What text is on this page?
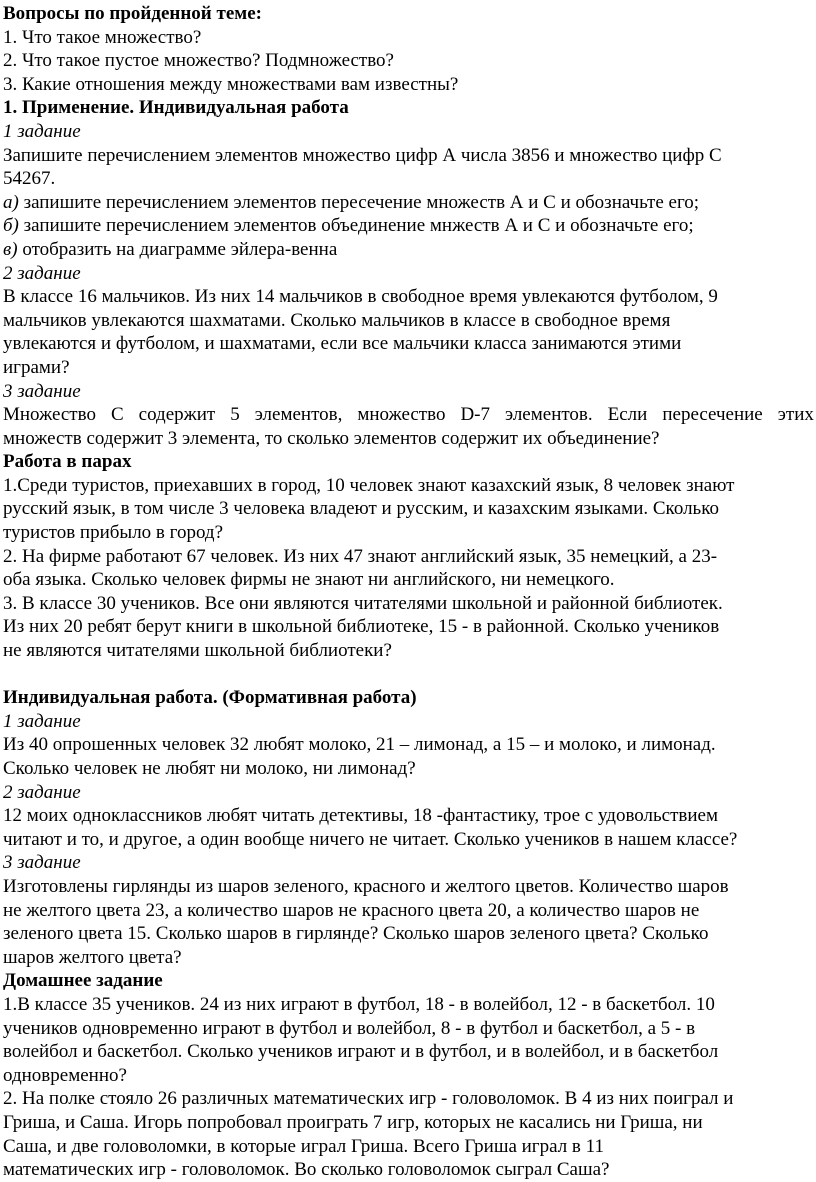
Вопросы по пройденной теме:
1. Что такое множество?
2. Что такое пустое множество? Подмножество?
3. Какие отношения между множествами вам известны?
1. Применение. Индивидуальная работа
1 задание
Запишите перечислением элементов множество цифр А числа 3856 и множество цифр С
54267.
а) запишите перечислением элементов пересечение множеств А и С и обозначьте его;
б) запишите перечислением элементов объединение мнжеств А и С и обозначьте его;
в) отобразить на диаграмме эйлера-венна
2 задание
В классе 16 мальчиков. Из них 14 мальчиков в свободное время увлекаются футболом, 9
мальчиков увлекаются шахматами. Сколько мальчиков в классе в свободное время
увлекаются и футболом, и шахматами, если все мальчики класса занимаются этими
играми?
3 задание
Множество С содержит 5 элементов, множество D-7 элементов. Если пересечение этих
множеств содержит 3 элемента, то сколько элементов содержит их объединение?
Работа в парах
1.Среди туристов, приехавших в город, 10 человек знают казахский язык, 8 человек знают
русский язык, в том числе 3 человека владеют и русским, и казахским языками. Сколько
туристов прибыло в город?
2. На фирме работают 67 человек. Из них 47 знают английский язык, 35 немецкий, а 23-
оба языка. Сколько человек фирмы не знают ни английского, ни немецкого.
3. В классе 30 учеников. Все они являются читателями школьной и районной библиотек.
Из них 20 ребят берут книги в школьной библиотеке, 15 - в районной. Сколько учеников
не являются читателями школьной библиотеки?
Индивидуальная работа. (Формативная работа)
1 задание
Из 40 опрошенных человек 32 любят молоко, 21 – лимонад, а 15 – и молоко, и лимонад.
Сколько человек не любят ни молоко, ни лимонад?
2 задание
12 моих одноклассников любят читать детективы, 18 -фантастику, трое с удовольствием
читают и то, и другое, а один вообще ничего не читает. Сколько учеников в нашем классе?
3 задание
Изготовлены гирлянды из шаров зеленого, красного и желтого цветов. Количество шаров
не желтого цвета 23, а количество шаров не красного цвета 20, а количество шаров не
зеленого цвета 15. Сколько шаров в гирлянде? Сколько шаров зеленого цвета? Сколько
шаров желтого цвета?
Домашнее задание
1.В классе 35 учеников. 24 из них играют в футбол, 18 - в волейбол, 12 - в баскетбол. 10
учеников одновременно играют в футбол и волейбол, 8 - в футбол и баскетбол, а 5 - в
волейбол и баскетбол. Сколько учеников играют и в футбол, и в волейбол, и в баскетбол
одновременно?
2. На полке стояло 26 различных математических игр - головоломок. В 4 из них поиграл и
Гриша, и Саша. Игорь попробовал проиграть 7 игр, которых не касались ни Гриша, ни
Саша, и две головоломки, в которые играл Гриша. Всего Гриша играл в 11
математических игр - головоломок. Во сколько головоломок сыграл Саша?
